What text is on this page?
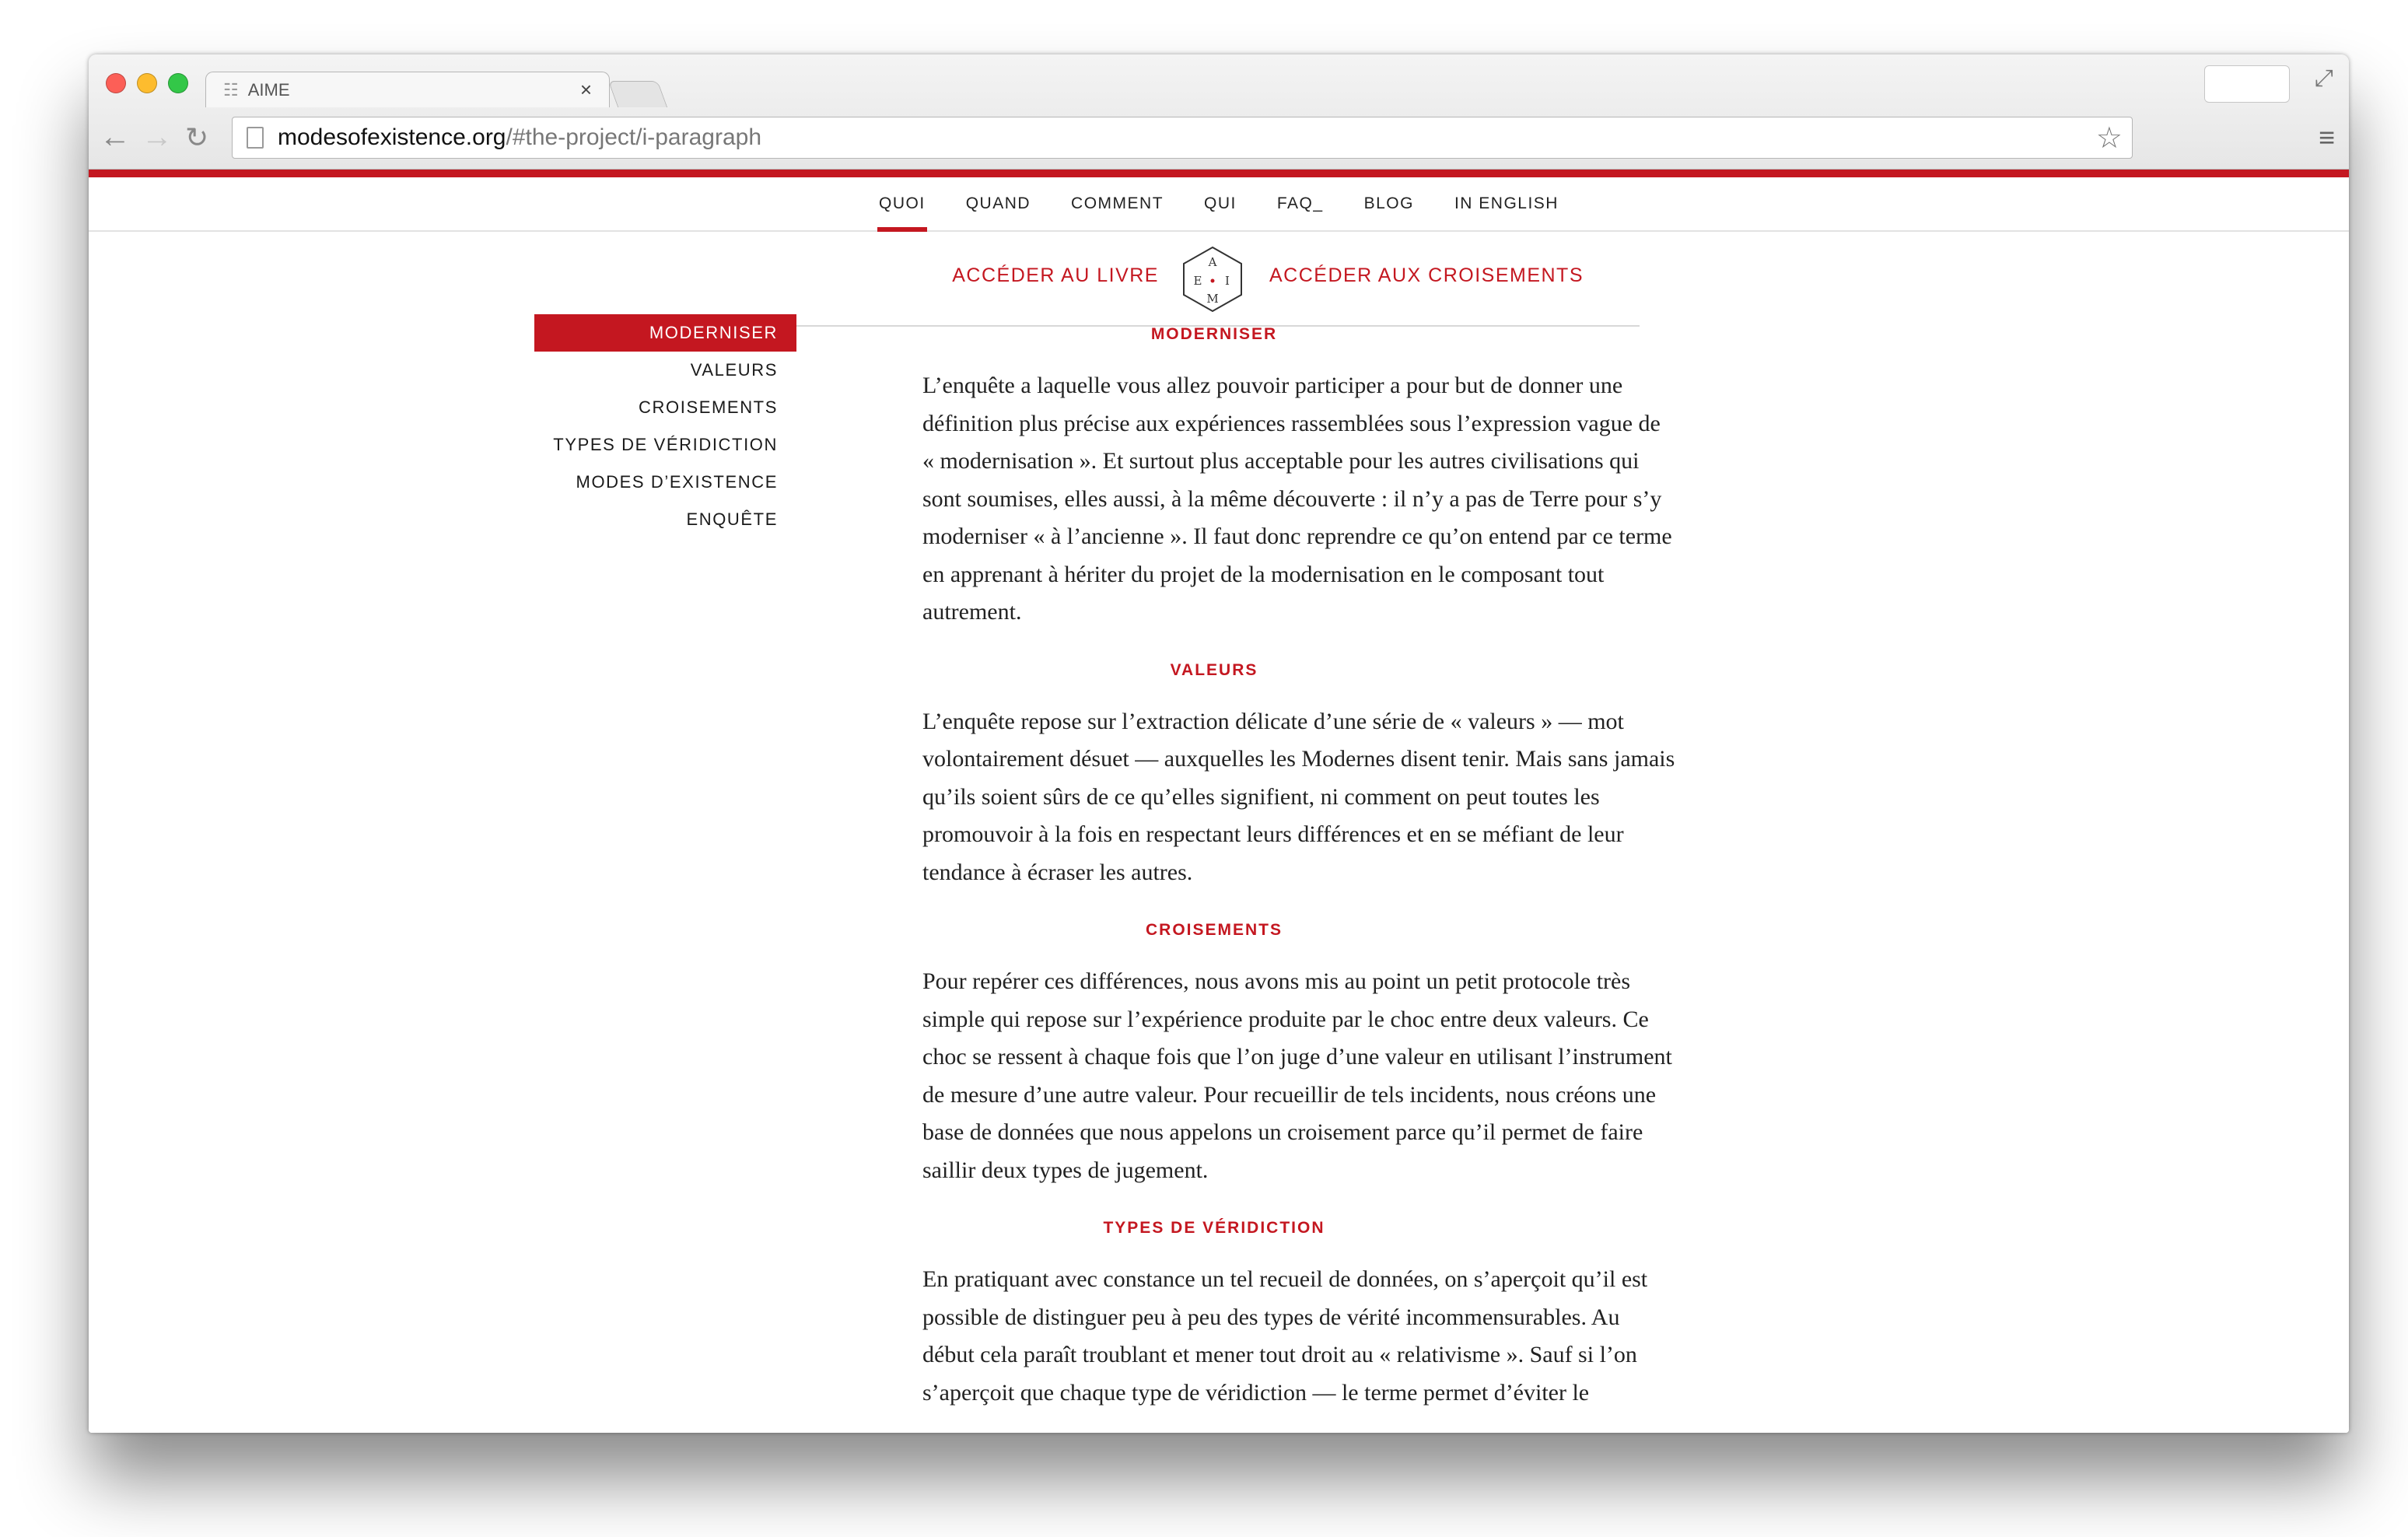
☷ AIME	×	⤢
← → ↻	modesofexistence.org/#the-project/i-paragraph	☆	≡
QUOI QUAND COMMENT QUI FAQ_ BLOG IN ENGLISH
ACCÉDER AU LIVRE
A
E I
M
ACCÉDER AUX CROISEMENTS
MODERNISER
VALEURS
CROISEMENTS
TYPES DE VÉRIDICTION
MODES D’EXISTENCE
ENQUÊTE
MODERNISER

L’enquête a laquelle vous allez pouvoir participer a pour but de donner une définition plus précise aux expériences rassemblées sous l’expression vague de « modernisation ». Et surtout plus acceptable pour les autres civilisations qui sont soumises, elles aussi, à la même découverte : il n’y a pas de Terre pour s’y moderniser « à l’ancienne ». Il faut donc reprendre ce qu’on entend par ce terme en apprenant à hériter du projet de la modernisation en le composant tout autrement.

VALEURS

L’enquête repose sur l’extraction délicate d’une série de « valeurs » — mot volontairement désuet — auxquelles les Modernes disent tenir. Mais sans jamais qu’ils soient sûrs de ce qu’elles signifient, ni comment on peut toutes les promouvoir à la fois en respectant leurs différences et en se méfiant de leur tendance à écraser les autres.

CROISEMENTS

Pour repérer ces différences, nous avons mis au point un petit protocole très simple qui repose sur l’expérience produite par le choc entre deux valeurs. Ce choc se ressent à chaque fois que l’on juge d’une valeur en utilisant l’instrument de mesure d’une autre valeur. Pour recueillir de tels incidents, nous créons une base de données que nous appelons un croisement parce qu’il permet de faire saillir deux types de jugement.

TYPES DE VÉRIDICTION

En pratiquant avec constance un tel recueil de données, on s’aperçoit qu’il est possible de distinguer peu à peu des types de vérité incommensurables. Au début cela paraît troublant et mener tout droit au « relativisme ». Sauf si l’on s’aperçoit que chaque type de véridiction — le terme permet d’éviter le
